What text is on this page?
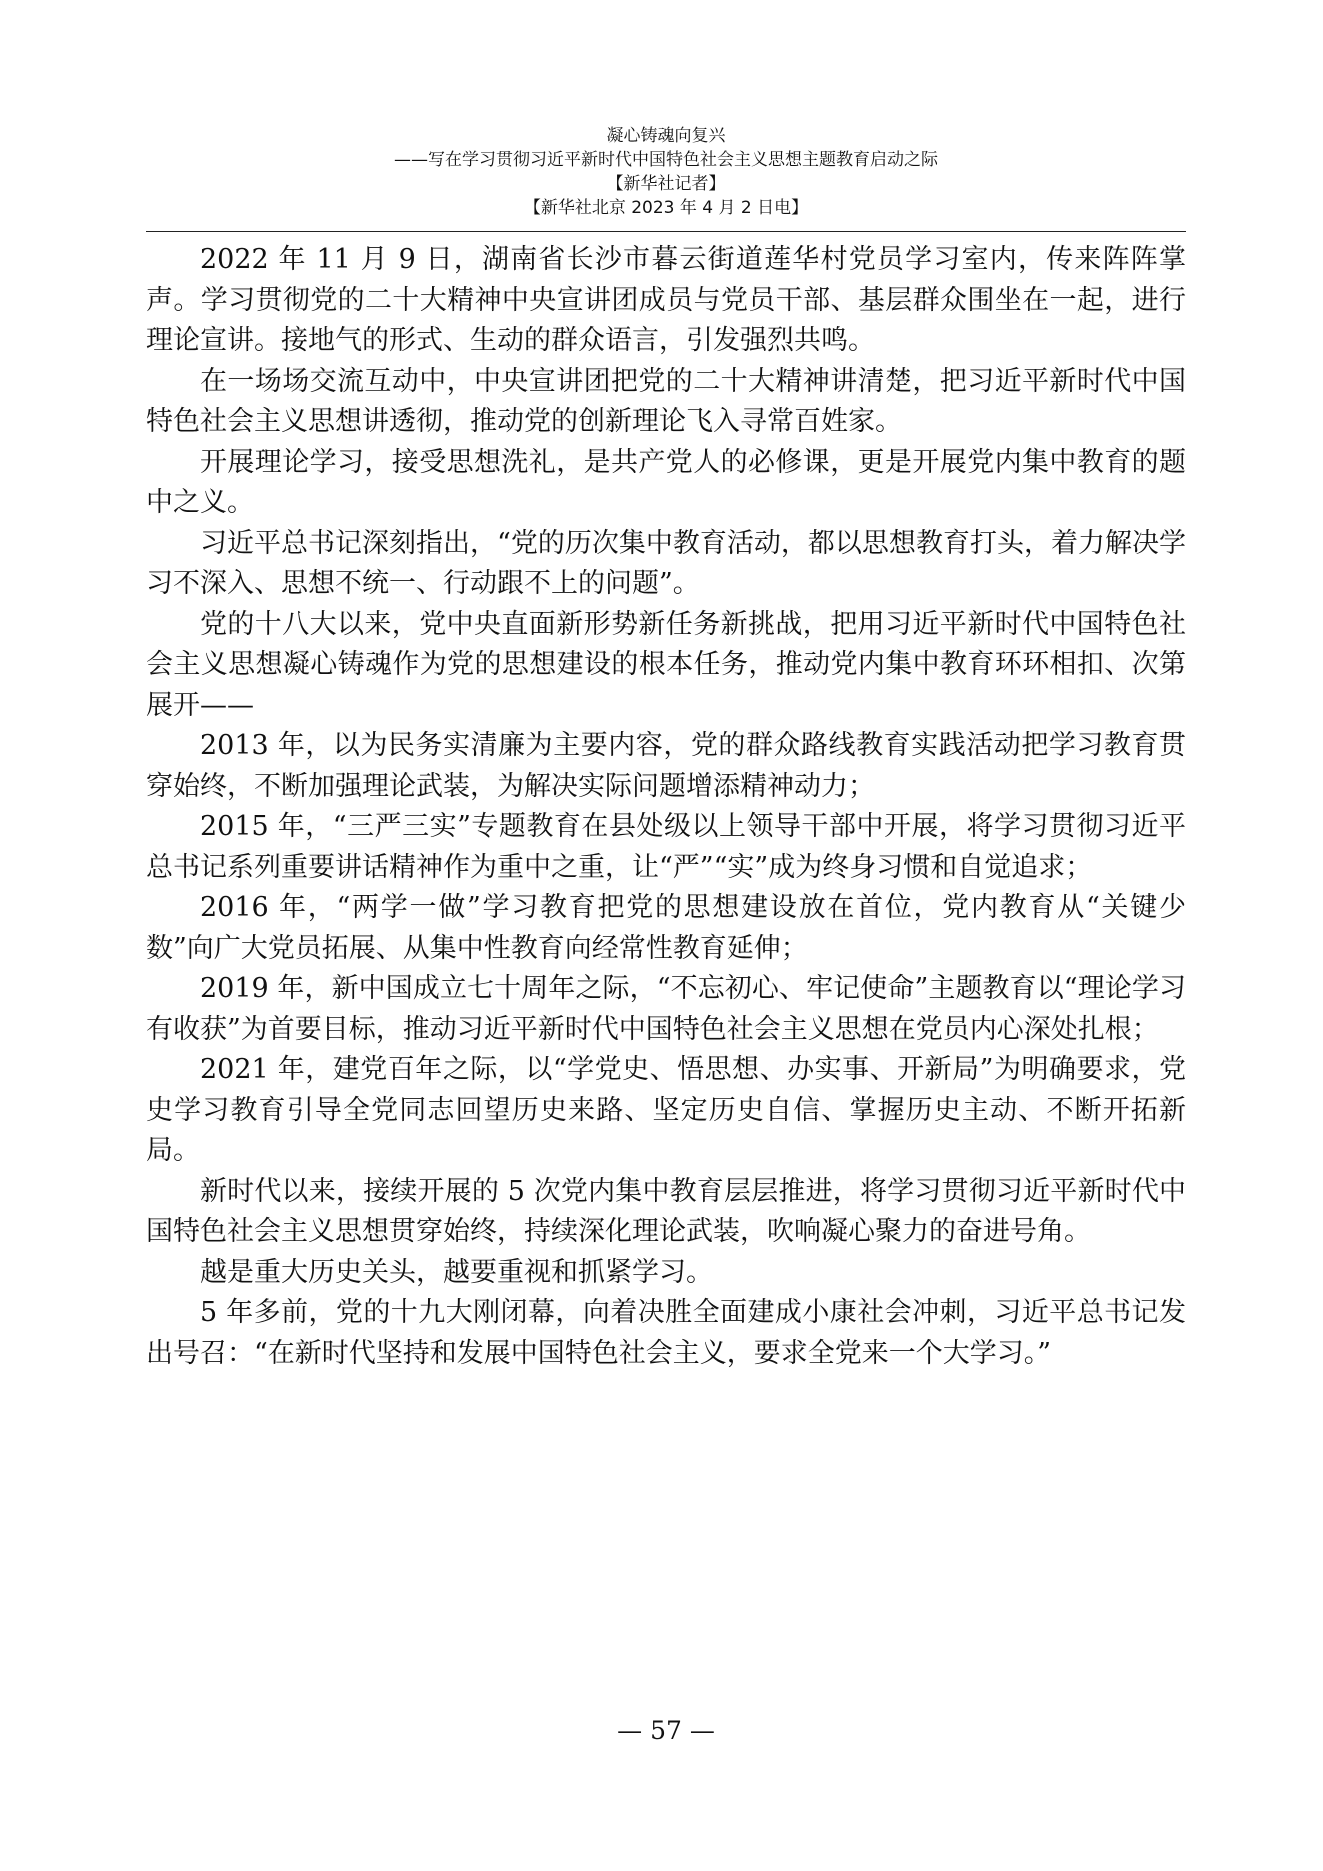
凝心铸魂向复兴
——写在学习贯彻习近平新时代中国特色社会主义思想主题教育启动之际
【新华社记者】
【新华社北京 2023 年 4 月 2 日电】

2022 年 11 月 9 日，湖南省长沙市暮云街道莲华村党员学习室内，传来阵阵掌声。学习贯彻党的二十大精神中央宣讲团成员与党员干部、基层群众围坐在一起，进行理论宣讲。接地气的形式、生动的群众语言，引发强烈共鸣。

在一场场交流互动中，中央宣讲团把党的二十大精神讲清楚，把习近平新时代中国特色社会主义思想讲透彻，推动党的创新理论飞入寻常百姓家。

开展理论学习，接受思想洗礼，是共产党人的必修课，更是开展党内集中教育的题中之义。

习近平总书记深刻指出，“党的历次集中教育活动，都以思想教育打头，着力解决学习不深入、思想不统一、行动跟不上的问题”。

党的十八大以来，党中央直面新形势新任务新挑战，把用习近平新时代中国特色社会主义思想凝心铸魂作为党的思想建设的根本任务，推动党内集中教育环环相扣、次第展开——

2013 年，以为民务实清廉为主要内容，党的群众路线教育实践活动把学习教育贯穿始终，不断加强理论武装，为解决实际问题增添精神动力；

2015 年，“三严三实”专题教育在县处级以上领导干部中开展，将学习贯彻习近平总书记系列重要讲话精神作为重中之重，让“严”“实”成为终身习惯和自觉追求；

2016 年，“两学一做”学习教育把党的思想建设放在首位，党内教育从“关键少数”向广大党员拓展、从集中性教育向经常性教育延伸；

2019 年，新中国成立七十周年之际，“不忘初心、牢记使命”主题教育以“理论学习有收获”为首要目标，推动习近平新时代中国特色社会主义思想在党员内心深处扎根；

2021 年，建党百年之际，以“学党史、悟思想、办实事、开新局”为明确要求，党史学习教育引导全党同志回望历史来路、坚定历史自信、掌握历史主动、不断开拓新局。

新时代以来，接续开展的 5 次党内集中教育层层推进，将学习贯彻习近平新时代中国特色社会主义思想贯穿始终，持续深化理论武装，吹响凝心聚力的奋进号角。

越是重大历史关头，越要重视和抓紧学习。

5 年多前，党的十九大刚闭幕，向着决胜全面建成小康社会冲刺，习近平总书记发出号召：“在新时代坚持和发展中国特色社会主义，要求全党来一个大学习。”

— 57 —
